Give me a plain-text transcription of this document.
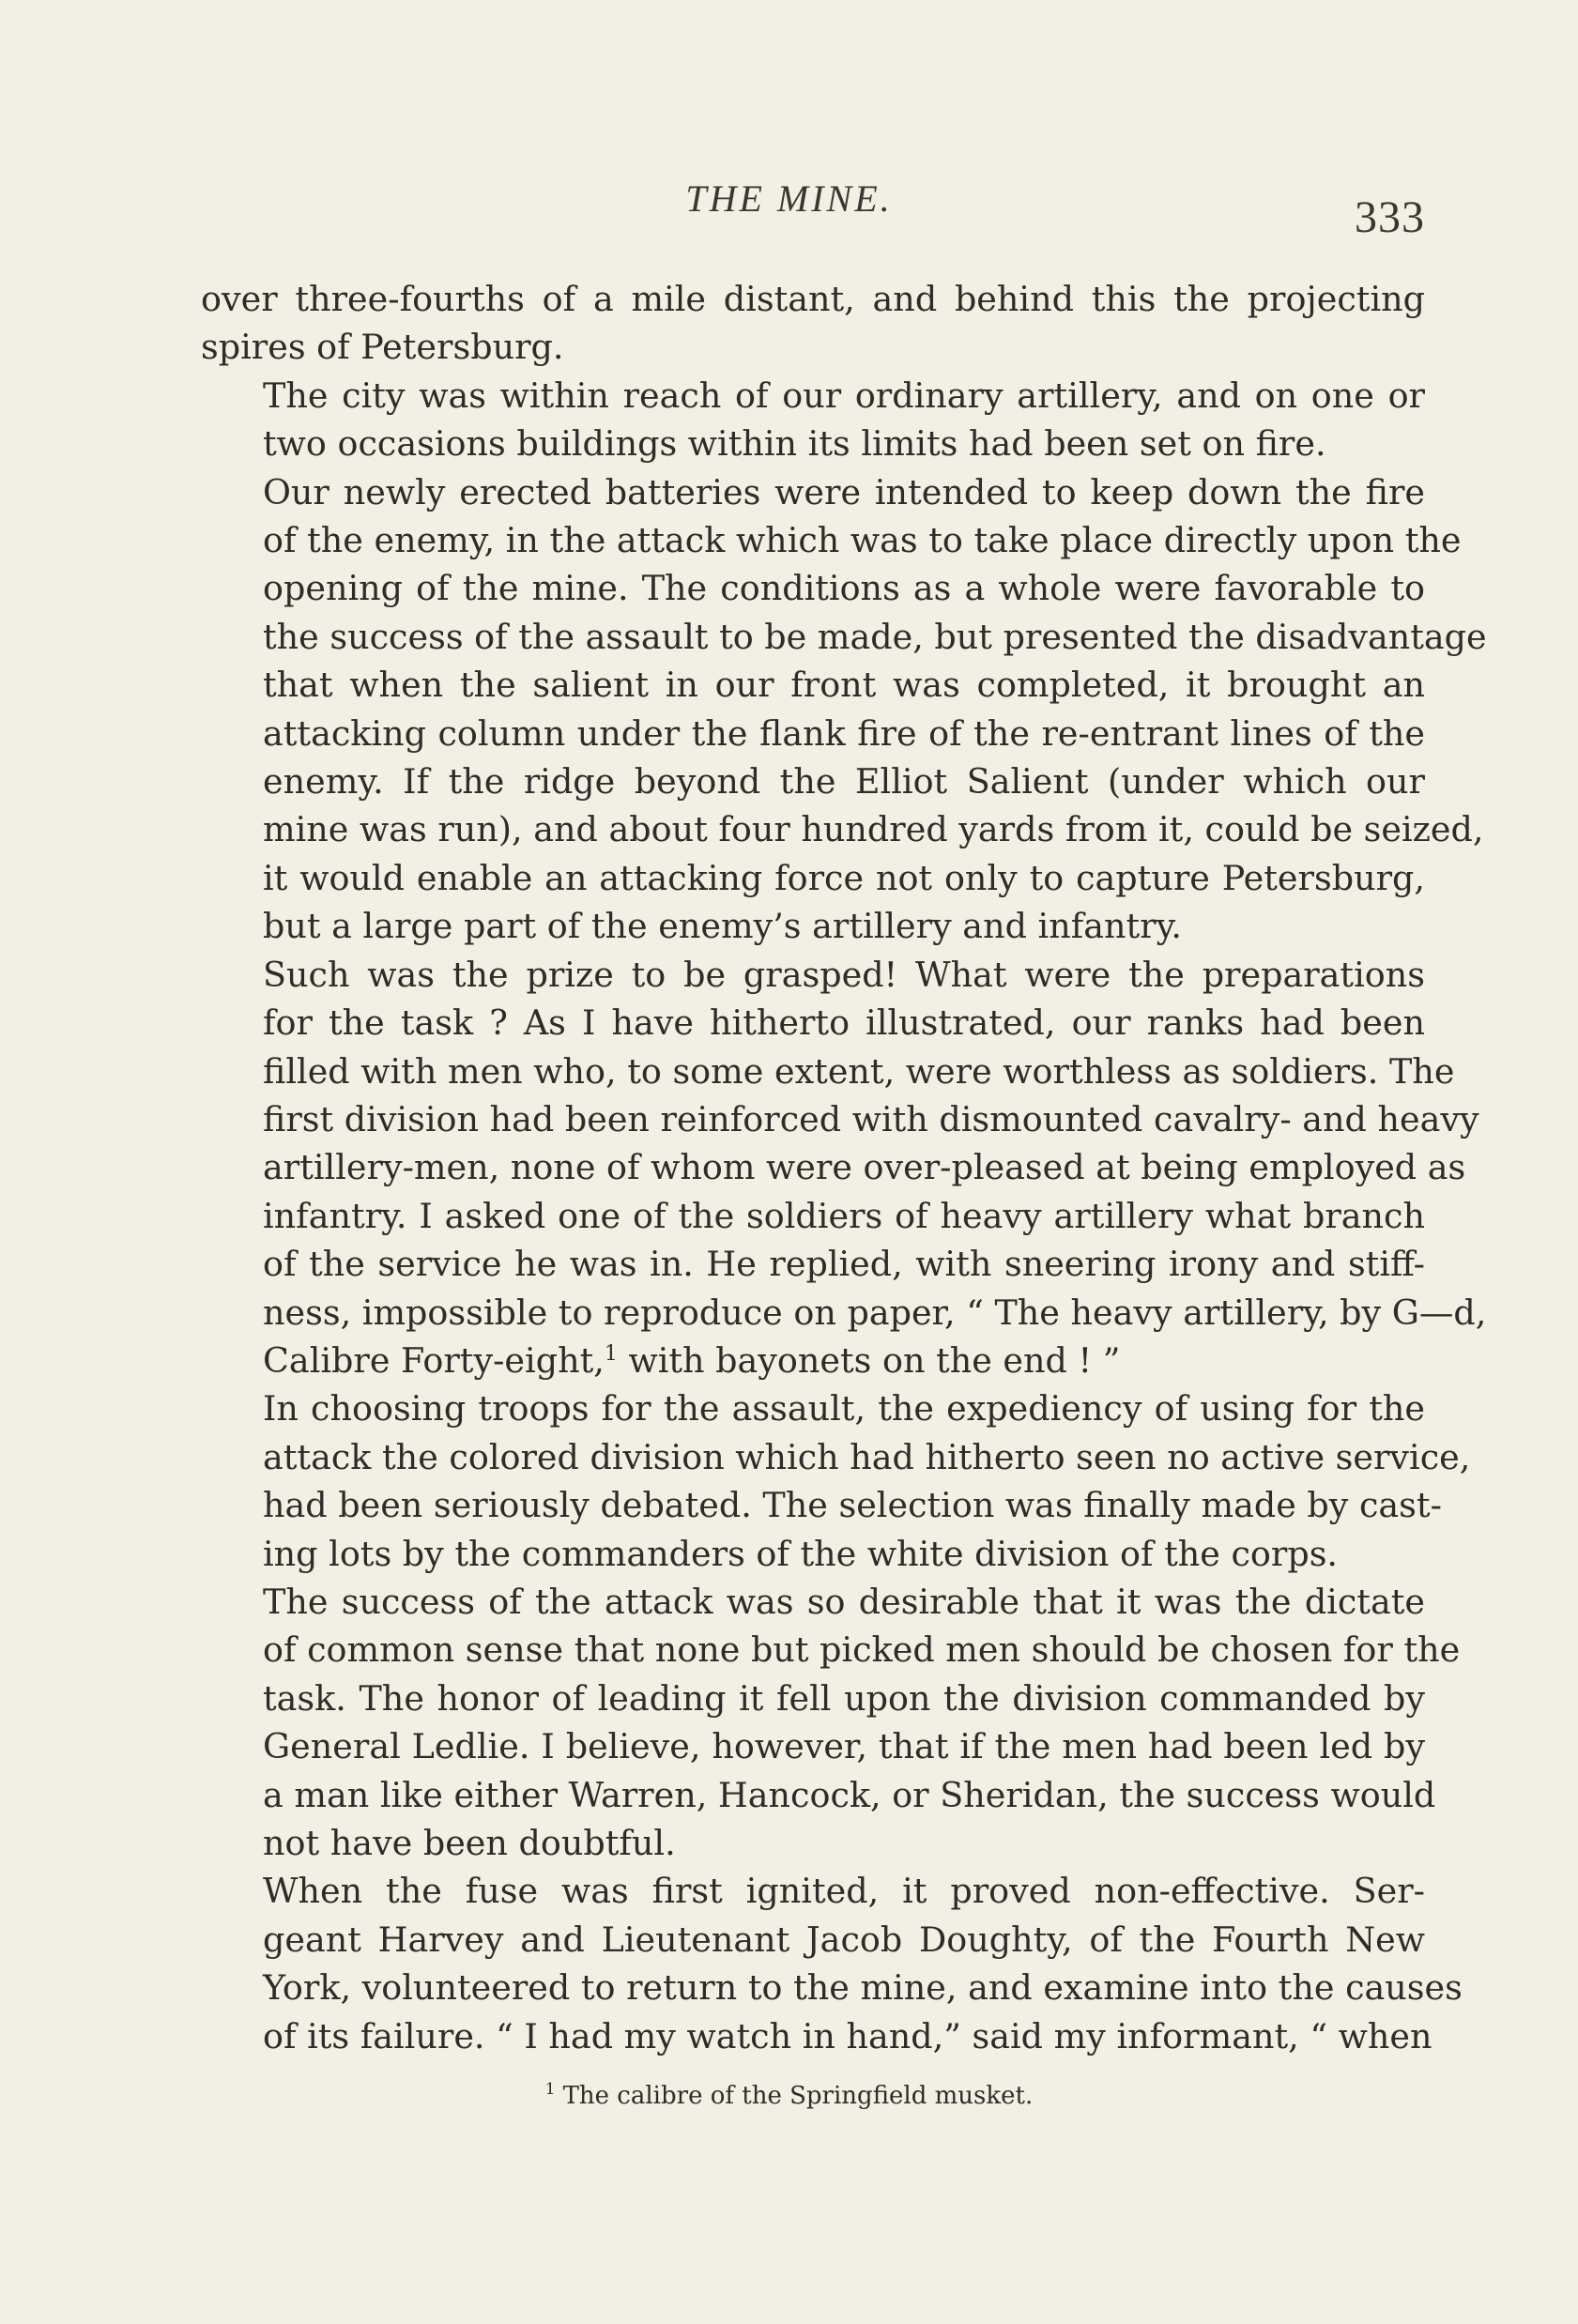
THE MINE.	333

over three-fourths of a mile distant, and behind this the projecting
spires of Petersburg.

The city was within reach of our ordinary artillery, and on one or
two occasions buildings within its limits had been set on fire.

Our newly erected batteries were intended to keep down the fire
of the enemy, in the attack which was to take place directly upon the
opening of the mine. The conditions as a whole were favorable to
the success of the assault to be made, but presented the disadvantage
that when the salient in our front was completed, it brought an
attacking column under the flank fire of the re-entrant lines of the
enemy. If the ridge beyond the Elliot Salient (under which our
mine was run), and about four hundred yards from it, could be seized,
it would enable an attacking force not only to capture Petersburg,
but a large part of the enemy’s artillery and infantry.

Such was the prize to be grasped! What were the preparations
for the task ? As I have hitherto illustrated, our ranks had been
filled with men who, to some extent, were worthless as soldiers. The
first division had been reinforced with dismounted cavalry- and heavy
artillery-men, none of whom were over-pleased at being employed as
infantry. I asked one of the soldiers of heavy artillery what branch
of the service he was in. He replied, with sneering irony and stiff-
ness, impossible to reproduce on paper, “ The heavy artillery, by G—d,
Calibre Forty-eight,$^1$ with bayonets on the end ! ”

In choosing troops for the assault, the expediency of using for the
attack the colored division which had hitherto seen no active service,
had been seriously debated. The selection was finally made by cast-
ing lots by the commanders of the white division of the corps.

The success of the attack was so desirable that it was the dictate
of common sense that none but picked men should be chosen for the
task. The honor of leading it fell upon the division commanded by
General Ledlie. I believe, however, that if the men had been led by
a man like either Warren, Hancock, or Sheridan, the success would
not have been doubtful.

When the fuse was first ignited, it proved non-effective. Ser-
geant Harvey and Lieutenant Jacob Doughty, of the Fourth New
York, volunteered to return to the mine, and examine into the causes
of its failure. “ I had my watch in hand,” said my informant, “ when

$^1$ The calibre of the Springfield musket.
